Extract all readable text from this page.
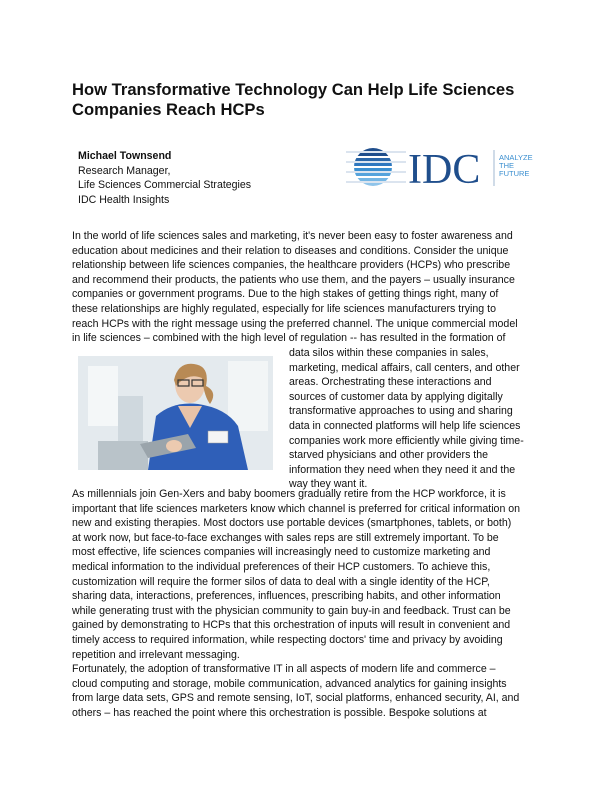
How Transformative Technology Can Help Life Sciences
Companies Reach HCPs
Michael Townsend
Research Manager,
Life Sciences Commercial Strategies
IDC Health Insights
IDC ANALYZE
THE
FUTURE
In the world of life sciences sales and marketing, it's never been easy to foster awareness and
education about medicines and their relation to diseases and conditions. Consider the unique
relationship between life sciences companies, the healthcare providers (HCPs) who prescribe
and recommend their products, the patients who use them, and the payers – usually insurance
companies or government programs. Due to the high stakes of getting things right, many of
these relationships are highly regulated, especially for life sciences manufacturers trying to
reach HCPs with the right message using the preferred channel. The unique commercial model
in life sciences – combined with the high level of regulation -- has resulted in the formation of
data silos within these companies in sales,
marketing, medical affairs, call centers, and other
areas. Orchestrating these interactions and
sources of customer data by applying digitally
transformative approaches to using and sharing
data in connected platforms will help life sciences
companies work more efficiently while giving time-
starved physicians and other providers the
information they need when they need it and the
way they want it.
As millennials join Gen-Xers and baby boomers gradually retire from the HCP workforce, it is
important that life sciences marketers know which channel is preferred for critical information on
new and existing therapies. Most doctors use portable devices (smartphones, tablets, or both)
at work now, but face-to-face exchanges with sales reps are still extremely important. To be
most effective, life sciences companies will increasingly need to customize marketing and
medical information to the individual preferences of their HCP customers. To achieve this,
customization will require the former silos of data to deal with a single identity of the HCP,
sharing data, interactions, preferences, influences, prescribing habits, and other information
while generating trust with the physician community to gain buy-in and feedback. Trust can be
gained by demonstrating to HCPs that this orchestration of inputs will result in convenient and
timely access to required information, while respecting doctors' time and privacy by avoiding
repetition and irrelevant messaging.
Fortunately, the adoption of transformative IT in all aspects of modern life and commerce –
cloud computing and storage, mobile communication, advanced analytics for gaining insights
from large data sets, GPS and remote sensing, IoT, social platforms, enhanced security, AI, and
others – has reached the point where this orchestration is possible. Bespoke solutions at
